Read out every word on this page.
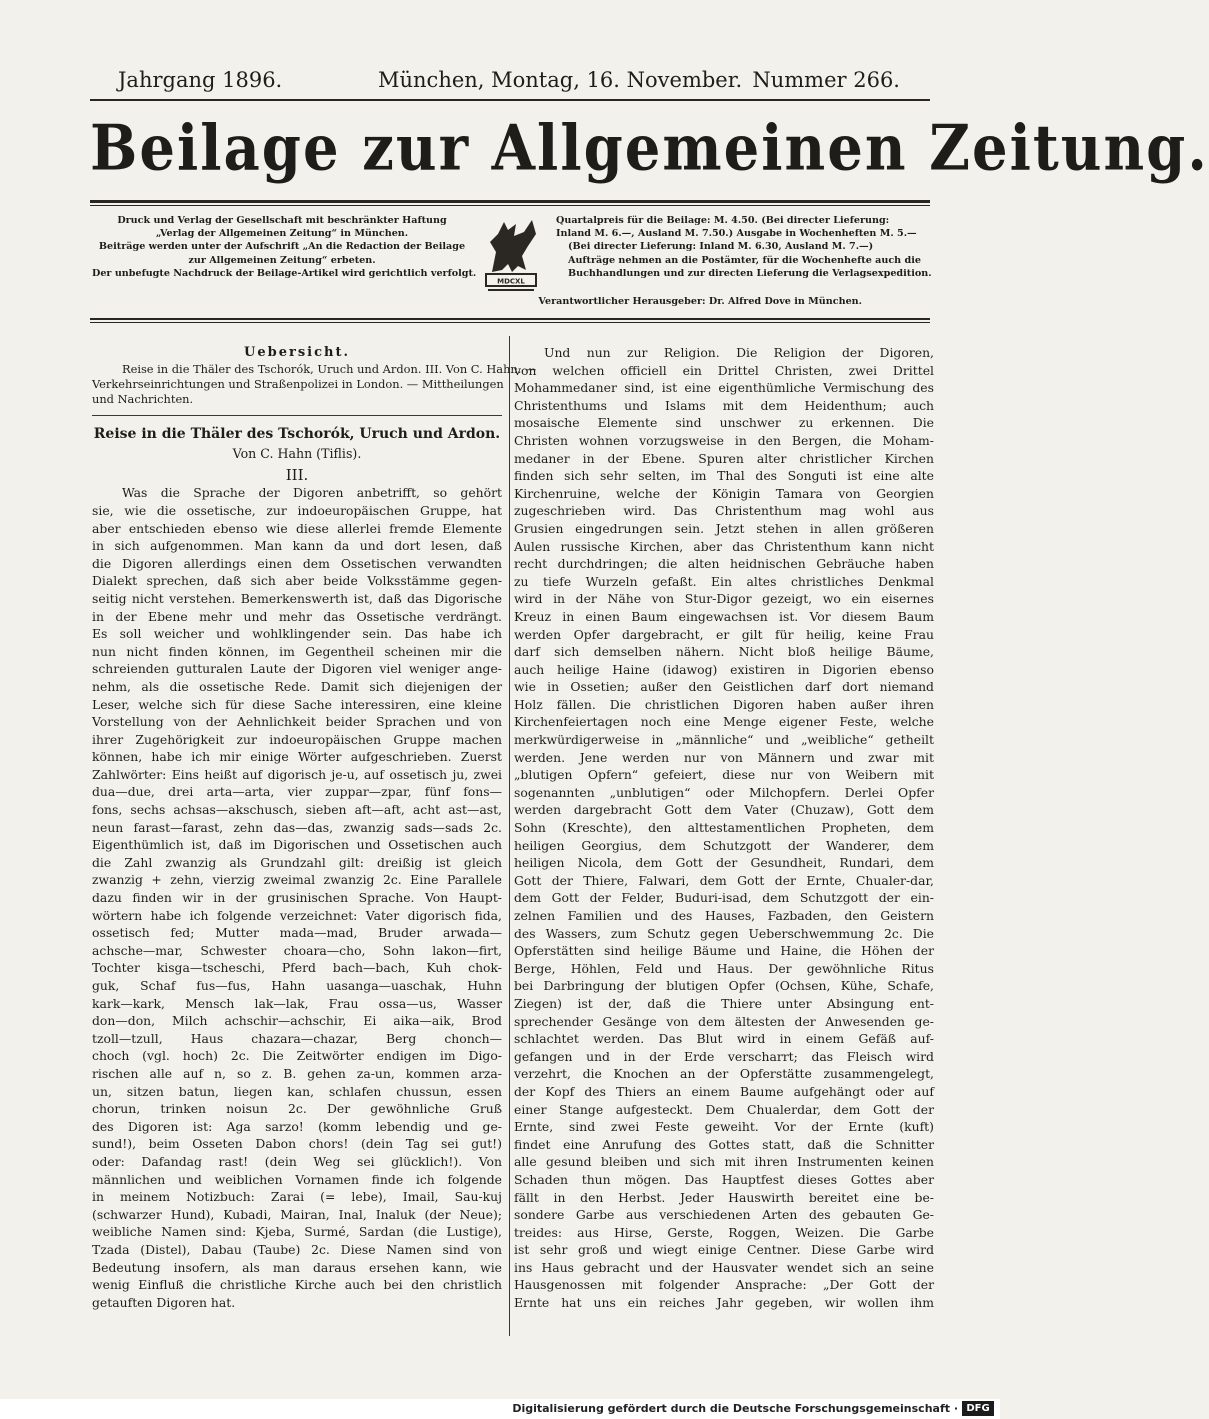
Jahrgang 1896.	München, Montag, 16. November. Nummer 266.
Beilage zur Allgemeinen Zeitung.
Druck und Verlag der Gesellschaft mit beschränkter Haftung
„Verlag der Allgemeinen Zeitung“ in München.
Beiträge werden unter der Aufschrift „An die Redaction der Beilage
zur Allgemeinen Zeitung“ erbeten.
Der unbefugte Nachdruck der Beilage-Artikel wird gerichtlich verfolgt.
MDCXL
Quartalpreis für die Beilage: M. 4.50. (Bei directer Lieferung:
Inland M. 6.—, Ausland M. 7.50.) Ausgabe in Wochenheften M. 5.—
(Bei directer Lieferung: Inland M. 6.30, Ausland M. 7.—)
Aufträge nehmen an die Postämter, für die Wochenhefte auch die
Buchhandlungen und zur directen Lieferung die Verlagsexpedition.
Verantwortlicher Herausgeber: Dr. Alfred Dove in München.
Uebersicht.
Reise in die Thäler des Tschorók, Uruch und Ardon. III. Von C. Hahn. —
Verkehrseinrichtungen und Straßenpolizei in London. — Mittheilungen
und Nachrichten.
Reise in die Thäler des Tschorók, Uruch und Ardon.
Von C. Hahn (Tiflis).
III.
Was die Sprache der Digoren anbetrifft, so gehört
sie, wie die ossetische, zur indoeuropäischen Gruppe, hat
aber entschieden ebenso wie diese allerlei fremde Elemente
in sich aufgenommen. Man kann da und dort lesen, daß
die Digoren allerdings einen dem Ossetischen verwandten
Dialekt sprechen, daß sich aber beide Volksstämme gegen-
seitig nicht verstehen. Bemerkenswerth ist, daß das Digorische
in der Ebene mehr und mehr das Ossetische verdrängt.
Es soll weicher und wohlklingender sein. Das habe ich
nun nicht finden können, im Gegentheil scheinen mir die
schreienden gutturalen Laute der Digoren viel weniger ange-
nehm, als die ossetische Rede. Damit sich diejenigen der
Leser, welche sich für diese Sache interessiren, eine kleine
Vorstellung von der Aehnlichkeit beider Sprachen und von
ihrer Zugehörigkeit zur indoeuropäischen Gruppe machen
können, habe ich mir einige Wörter aufgeschrieben. Zuerst
Zahlwörter: Eins heißt auf digorisch je-u, auf ossetisch ju, zwei
dua—due, drei arta—arta, vier zuppar—zpar, fünf fons—
fons, sechs achsas—akschusch, sieben aft—aft, acht ast—ast,
neun farast—farast, zehn das—das, zwanzig sads—sads 2c.
Eigenthümlich ist, daß im Digorischen und Ossetischen auch
die Zahl zwanzig als Grundzahl gilt: dreißig ist gleich
zwanzig + zehn, vierzig zweimal zwanzig 2c. Eine Parallele
dazu finden wir in der grusinischen Sprache. Von Haupt-
wörtern habe ich folgende verzeichnet: Vater digorisch fida,
ossetisch fed; Mutter mada—mad, Bruder arwada—
achsche—mar, Schwester choara—cho, Sohn lakon—firt,
Tochter kisga—tscheschi, Pferd bach—bach, Kuh chok-
guk, Schaf fus—fus, Hahn uasanga—uaschak, Huhn
kark—kark, Mensch lak—lak, Frau ossa—us, Wasser
don—don, Milch achschir—achschir, Ei aika—aik, Brod
tzoll—tzull, Haus chazara—chazar, Berg chonch—
choch (vgl. hoch) 2c. Die Zeitwörter endigen im Digo-
rischen alle auf n, so z. B. gehen za-un, kommen arza-
un, sitzen batun, liegen kan, schlafen chussun, essen
chorun, trinken noisun 2c. Der gewöhnliche Gruß
des Digoren ist: Aga sarzo! (komm lebendig und ge-
sund!), beim Osseten Dabon chors! (dein Tag sei gut!)
oder: Dafandag rast! (dein Weg sei glücklich!). Von
männlichen und weiblichen Vornamen finde ich folgende
in meinem Notizbuch: Zarai (= lebe), Imail, Sau-kuj
(schwarzer Hund), Kubadi, Mairan, Inal, Inaluk (der Neue);
weibliche Namen sind: Kjeba, Surmé, Sardan (die Lustige),
Tzada (Distel), Dabau (Taube) 2c. Diese Namen sind von
Bedeutung insofern, als man daraus ersehen kann, wie
wenig Einfluß die christliche Kirche auch bei den christlich
getauften Digoren hat.
Und nun zur Religion. Die Religion der Digoren,
von welchen officiell ein Drittel Christen, zwei Drittel
Mohammedaner sind, ist eine eigenthümliche Vermischung des
Christenthums und Islams mit dem Heidenthum; auch
mosaische Elemente sind unschwer zu erkennen. Die
Christen wohnen vorzugsweise in den Bergen, die Moham-
medaner in der Ebene. Spuren alter christlicher Kirchen
finden sich sehr selten, im Thal des Songuti ist eine alte
Kirchenruine, welche der Königin Tamara von Georgien
zugeschrieben wird. Das Christenthum mag wohl aus
Grusien eingedrungen sein. Jetzt stehen in allen größeren
Aulen russische Kirchen, aber das Christenthum kann nicht
recht durchdringen; die alten heidnischen Gebräuche haben
zu tiefe Wurzeln gefaßt. Ein altes christliches Denkmal
wird in der Nähe von Stur-Digor gezeigt, wo ein eisernes
Kreuz in einen Baum eingewachsen ist. Vor diesem Baum
werden Opfer dargebracht, er gilt für heilig, keine Frau
darf sich demselben nähern. Nicht bloß heilige Bäume,
auch heilige Haine (idawog) existiren in Digorien ebenso
wie in Ossetien; außer den Geistlichen darf dort niemand
Holz fällen. Die christlichen Digoren haben außer ihren
Kirchenfeiertagen noch eine Menge eigener Feste, welche
merkwürdigerweise in „männliche“ und „weibliche“ getheilt
werden. Jene werden nur von Männern und zwar mit
„blutigen Opfern“ gefeiert, diese nur von Weibern mit
sogenannten „unblutigen“ oder Milchopfern. Derlei Opfer
werden dargebracht Gott dem Vater (Chuzaw), Gott dem
Sohn (Kreschte), den alttestamentlichen Propheten, dem
heiligen Georgius, dem Schutzgott der Wanderer, dem
heiligen Nicola, dem Gott der Gesundheit, Rundari, dem
Gott der Thiere, Falwari, dem Gott der Ernte, Chualer-dar,
dem Gott der Felder, Buduri-isad, dem Schutzgott der ein-
zelnen Familien und des Hauses, Fazbaden, den Geistern
des Wassers, zum Schutz gegen Ueberschwemmung 2c. Die
Opferstätten sind heilige Bäume und Haine, die Höhen der
Berge, Höhlen, Feld und Haus. Der gewöhnliche Ritus
bei Darbringung der blutigen Opfer (Ochsen, Kühe, Schafe,
Ziegen) ist der, daß die Thiere unter Absingung ent-
sprechender Gesänge von dem ältesten der Anwesenden ge-
schlachtet werden. Das Blut wird in einem Gefäß auf-
gefangen und in der Erde verscharrt; das Fleisch wird
verzehrt, die Knochen an der Opferstätte zusammengelegt,
der Kopf des Thiers an einem Baume aufgehängt oder auf
einer Stange aufgesteckt. Dem Chualerdar, dem Gott der
Ernte, sind zwei Feste geweiht. Vor der Ernte (kuft)
findet eine Anrufung des Gottes statt, daß die Schnitter
alle gesund bleiben und sich mit ihren Instrumenten keinen
Schaden thun mögen. Das Hauptfest dieses Gottes aber
fällt in den Herbst. Jeder Hauswirth bereitet eine be-
sondere Garbe aus verschiedenen Arten des gebauten Ge-
treides: aus Hirse, Gerste, Roggen, Weizen. Die Garbe
ist sehr groß und wiegt einige Centner. Diese Garbe wird
ins Haus gebracht und der Hausvater wendet sich an seine
Hausgenossen mit folgender Ansprache: „Der Gott der
Ernte hat uns ein reiches Jahr gegeben, wir wollen ihm
Digitalisierung gefördert durch die Deutsche Forschungsgemeinschaft · DFG
